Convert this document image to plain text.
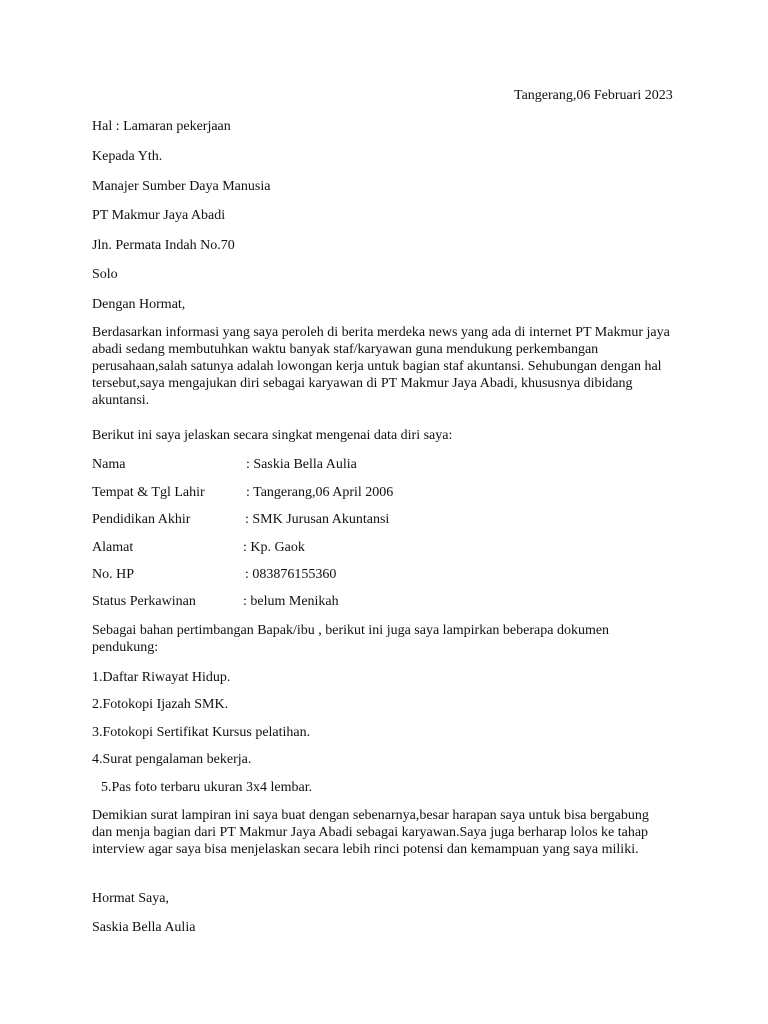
Tangerang,06 Februari 2023
Hal : Lamaran pekerjaan
Kepada Yth.
Manajer Sumber Daya Manusia
PT Makmur Jaya Abadi
Jln. Permata Indah No.70
Solo
Dengan Hormat,
Berdasarkan informasi yang saya peroleh di berita merdeka news yang ada di internet PT Makmur jaya abadi sedang membutuhkan waktu banyak staf/karyawan guna mendukung perkembangan perusahaan,salah satunya adalah lowongan kerja untuk bagian staf akuntansi. Sehubungan dengan hal tersebut,saya mengajukan diri sebagai karyawan di PT Makmur Jaya Abadi, khususnya dibidang akuntansi.
Berikut ini saya jelaskan secara singkat mengenai data diri saya:
Nama	: Saskia Bella Aulia
Tempat & Tgl Lahir	: Tangerang,06 April 2006
Pendidikan Akhir	: SMK Jurusan Akuntansi
Alamat	: Kp. Gaok
No. HP	: 083876155360
Status Perkawinan	: belum Menikah
Sebagai bahan pertimbangan Bapak/ibu , berikut ini juga saya lampirkan beberapa dokumen pendukung:
1.Daftar Riwayat Hidup.
2.Fotokopi Ijazah SMK.
3.Fotokopi Sertifikat Kursus pelatihan.
4.Surat pengalaman bekerja.
5.Pas foto terbaru ukuran 3x4 lembar.
Demikian surat lampiran ini saya buat dengan sebenarnya,besar harapan saya untuk bisa bergabung dan menja bagian dari PT Makmur Jaya Abadi sebagai karyawan.Saya juga berharap lolos ke tahap interview agar saya bisa menjelaskan secara lebih rinci potensi dan kemampuan yang saya miliki.
Hormat Saya,
Saskia Bella Aulia
